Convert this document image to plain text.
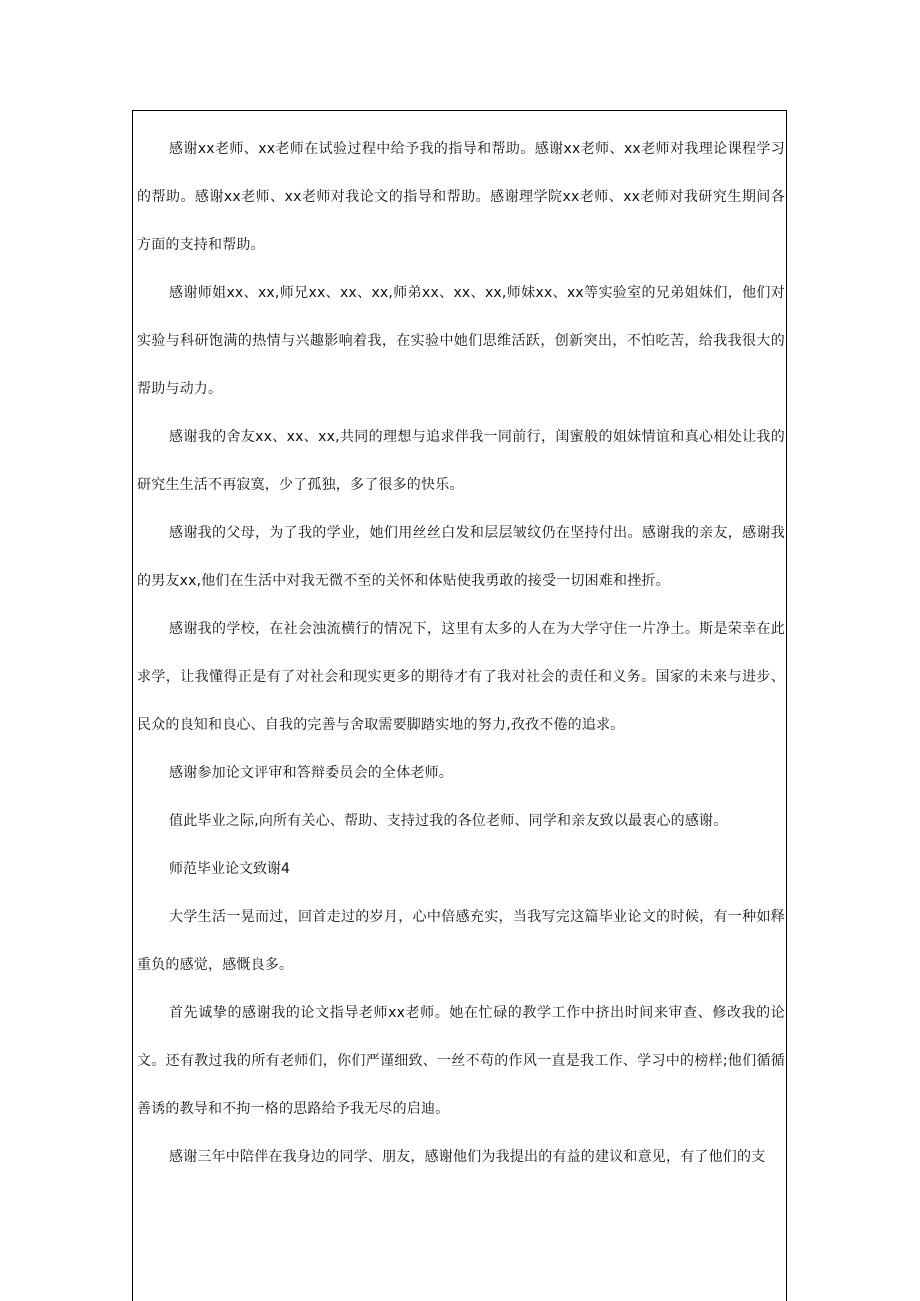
感谢xx老师、xx老师在试验过程中给予我的指导和帮助。感谢xx老师、xx老师对我理论课程学习的帮助。感谢xx老师、xx老师对我论文的指导和帮助。感谢理学院xx老师、xx老师对我研究生期间各方面的支持和帮助。

感谢师姐xx、xx,师兄xx、xx、xx,师弟xx、xx、xx,师妹xx、xx等实验室的兄弟姐妹们，他们对实验与科研饱满的热情与兴趣影响着我，在实验中她们思维活跃，创新突出，不怕吃苦，给我我很大的帮助与动力。

感谢我的舍友xx、xx、xx,共同的理想与追求伴我一同前行，闺蜜般的姐妹情谊和真心相处让我的研究生生活不再寂寞，少了孤独，多了很多的快乐。

感谢我的父母，为了我的学业，她们用丝丝白发和层层皱纹仍在坚持付出。感谢我的亲友，感谢我的男友xx,他们在生活中对我无微不至的关怀和体贴使我勇敢的接受一切困难和挫折。

感谢我的学校，在社会浊流横行的情况下，这里有太多的人在为大学守住一片净土。斯是荣幸在此求学，让我懂得正是有了对社会和现实更多的期待才有了我对社会的责任和义务。国家的未来与进步、民众的良知和良心、自我的完善与舍取需要脚踏实地的努力,孜孜不倦的追求。

感谢参加论文评审和答辩委员会的全体老师。

值此毕业之际,向所有关心、帮助、支持过我的各位老师、同学和亲友致以最衷心的感谢。

师范毕业论文致谢4

大学生活一晃而过，回首走过的岁月，心中倍感充实，当我写完这篇毕业论文的时候，有一种如释重负的感觉，感慨良多。

首先诚挚的感谢我的论文指导老师xx老师。她在忙碌的教学工作中挤出时间来审查、修改我的论文。还有教过我的所有老师们，你们严谨细致、一丝不苟的作风一直是我工作、学习中的榜样;他们循循善诱的教导和不拘一格的思路给予我无尽的启迪。

感谢三年中陪伴在我身边的同学、朋友，感谢他们为我提出的有益的建议和意见，有了他们的支
